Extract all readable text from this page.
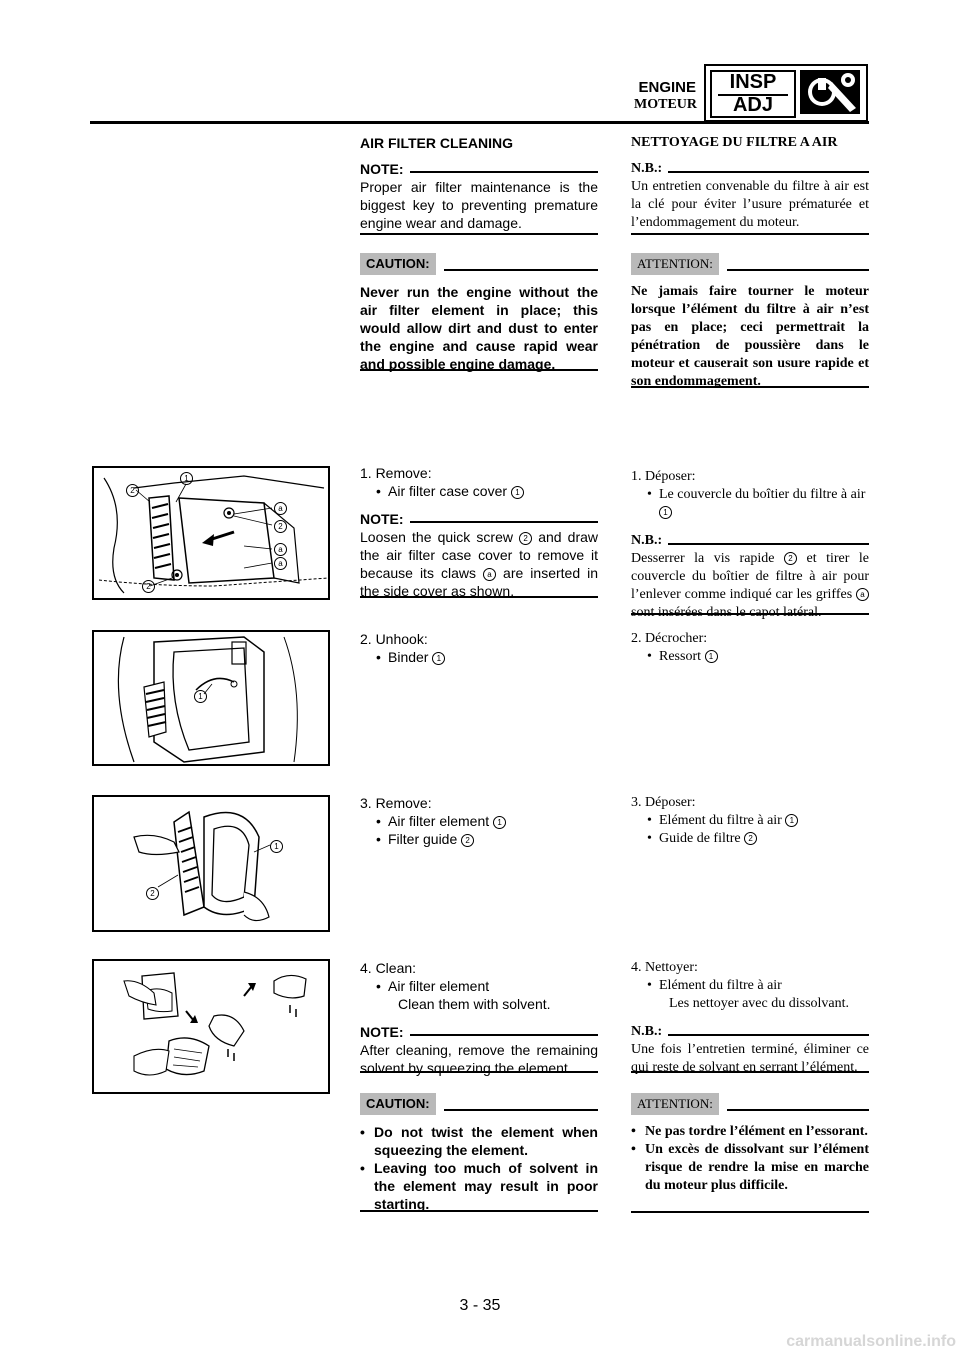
ENGINE
MOTEUR
INSP
ADJ
AIR FILTER CLEANING
NOTE:
Proper air filter maintenance is the biggest key to preventing premature engine wear and damage.
CAUTION:
Never run the engine without the air filter element in place; this would allow dirt and dust to enter the engine and cause rapid wear and possible engine damage.
1. Remove:
• Air filter case cover 1
NOTE:
Loosen the quick screw 2 and draw the air filter case cover to remove it because its claws a are inserted in the side cover as shown.
2. Unhook:
• Binder 1
3. Remove:
• Air filter element 1
• Filter guide 2
4. Clean:
• Air filter element
Clean them with solvent.
NOTE:
After cleaning, remove the remaining solvent by squeezing the element.
CAUTION:
• Do not twist the element when squeezing the element.
• Leaving too much of solvent in the element may result in poor starting.
NETTOYAGE DU FILTRE A AIR
N.B.:
Un entretien convenable du filtre à air est la clé pour éviter l’usure prématurée et l’endommagement du moteur.
ATTENTION:
Ne jamais faire tourner le moteur lorsque l’élément du filtre à air n’est pas en place; ceci permettrait la pénétration de poussière dans le moteur et causerait son usure rapide et son endommagement.
1. Déposer:
• Le couvercle du boîtier du filtre à air 1
N.B.:
Desserrer la vis rapide 2 et tirer le couvercle du boîtier de filtre à air pour l’enlever comme indiqué car les griffes a sont insérées dans le capot latéral.
2. Décrocher:
• Ressort 1
3. Déposer:
• Elément du filtre à air 1
• Guide de filtre 2
4. Nettoyer:
• Elément du filtre à air
Les nettoyer avec du dissolvant.
N.B.:
Une fois l’entretien terminé, éliminer ce qui reste de solvant en serrant l’élément.
ATTENTION:
• Ne pas tordre l’élément en l’essorant.
• Un excès de dissolvant sur l’élément risque de rendre la mise en marche du moteur plus difficile.
1
2
a
2
a
a
2
1
1
2
3 - 35
carmanualsonline.info
